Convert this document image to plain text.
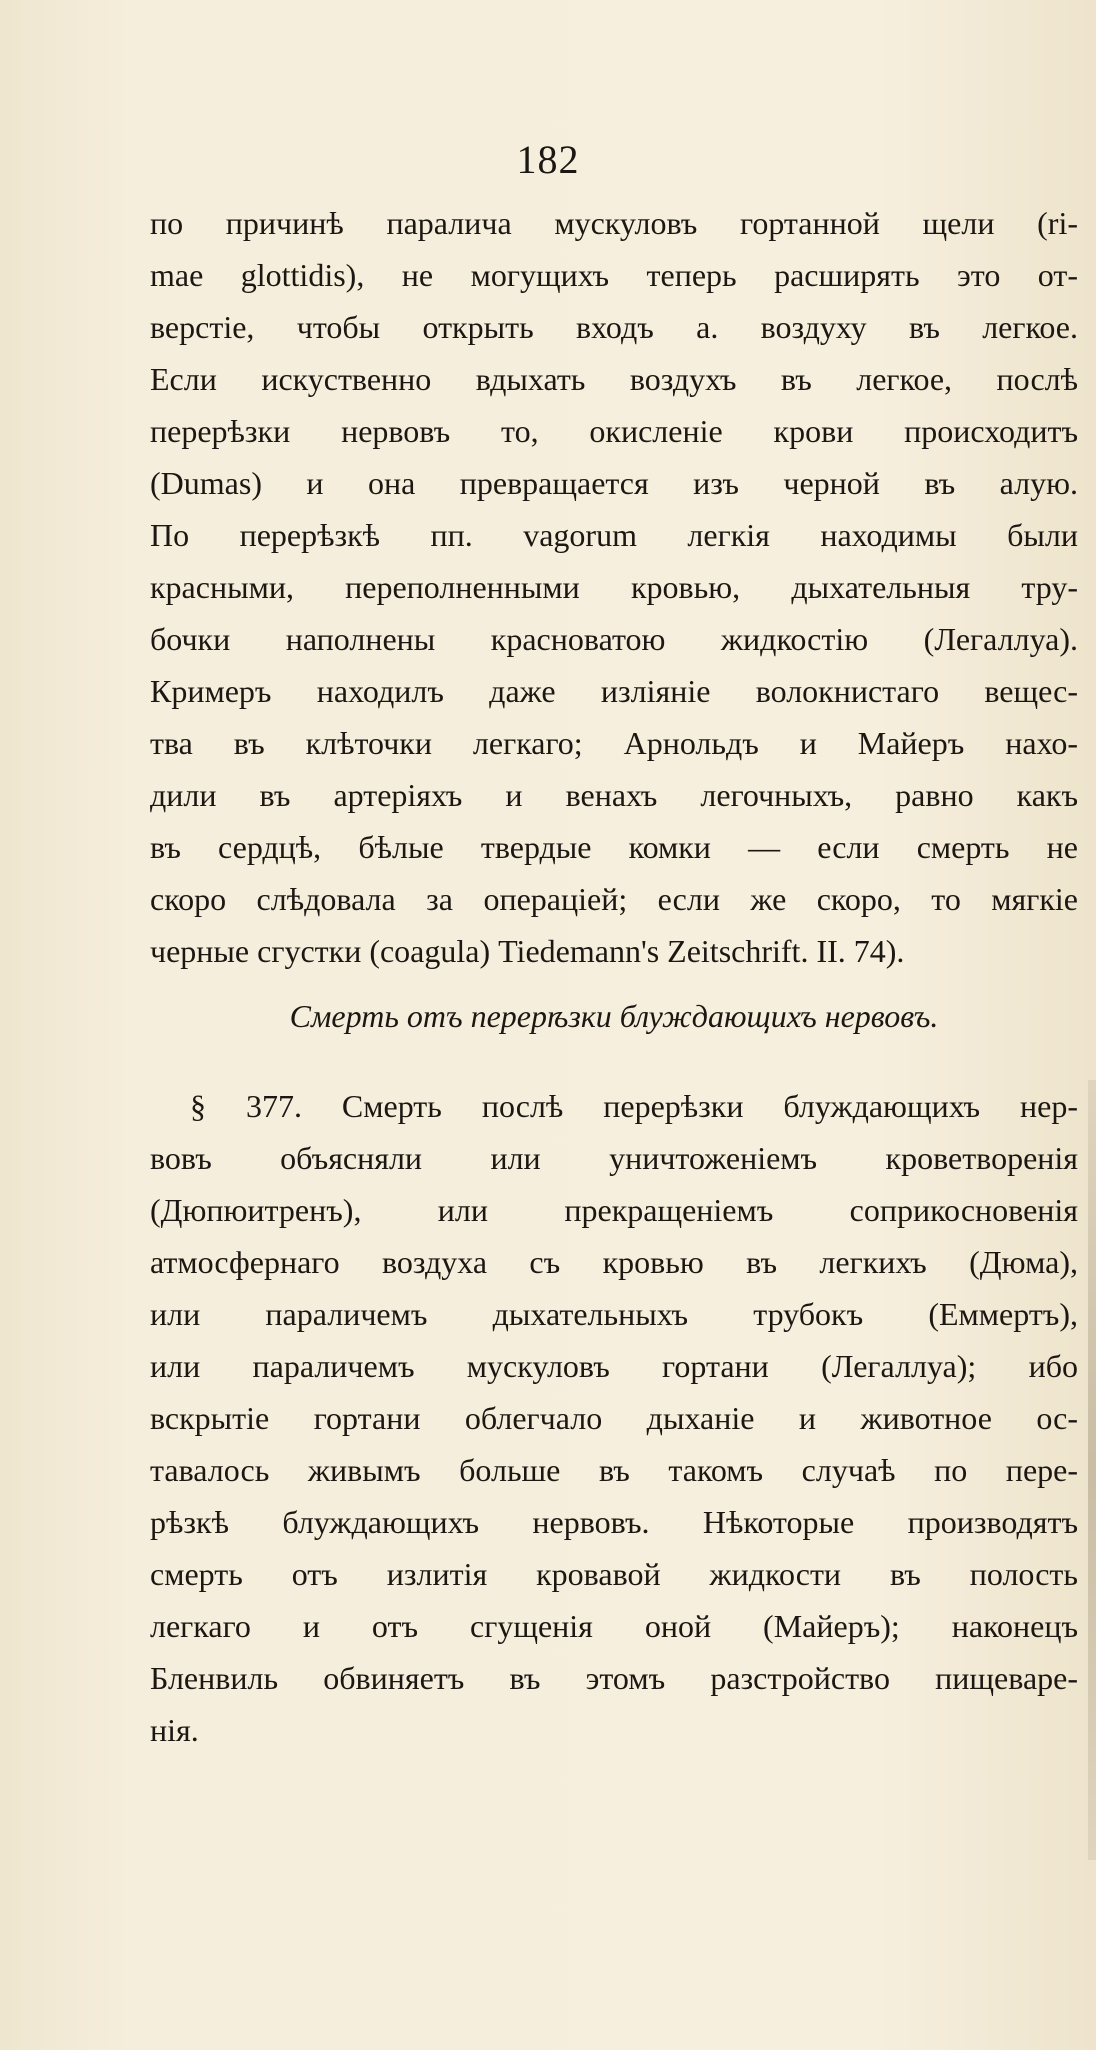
182
по причинѣ паралича мускуловъ гортанной щели (ri-
mae glottidis), не могущихъ теперь расширять это от-
верстіе, чтобы открыть входъ а. воздуху въ легкое.
Если искуственно вдыхать воздухъ въ легкое, послѣ
перерѣзки нервовъ то, окисленіе крови происходитъ
(Dumas) и она превращается изъ черной въ алую.
По перерѣзкѣ пп. vagorum легкія находимы были
красными, переполненными кровью, дыхательныя тру-
бочки наполнены красноватою жидкостію (Легаллуа).
Кримеръ находилъ даже изліяніе волокнистаго вещес-
тва въ клѣточки легкаго; Арнольдъ и Майеръ нахо-
дили въ артеріяхъ и венахъ легочныхъ, равно какъ
въ сердцѣ, бѣлые твердые комки — если смерть не
скоро слѣдовала за операціей; если же скоро, то мягкіе
черные сгустки (coagula) Tiedemann's Zeitschrift. II. 74).
Смерть отъ перерѣзки блуждающихъ нервовъ.
§ 377. Смерть послѣ перерѣзки блуждающихъ нер-
вовъ объясняли или уничтоженіемъ кроветворенія
(Дюпюитренъ), или прекращеніемъ соприкосновенія
атмосфернаго воздуха съ кровью въ легкихъ (Дюма),
или параличемъ дыхательныхъ трубокъ (Еммертъ),
или параличемъ мускуловъ гортани (Легаллуа); ибо
вскрытіе гортани облегчало дыханіе и животное ос-
тавалось живымъ больше въ такомъ случаѣ по пере-
рѣзкѣ блуждающихъ нервовъ. Нѣкоторые производятъ
смерть отъ излитія кровавой жидкости въ полость
легкаго и отъ сгущенія оной (Майеръ); наконецъ
Бленвиль обвиняетъ въ этомъ разстройство пищеваре-
нія.
